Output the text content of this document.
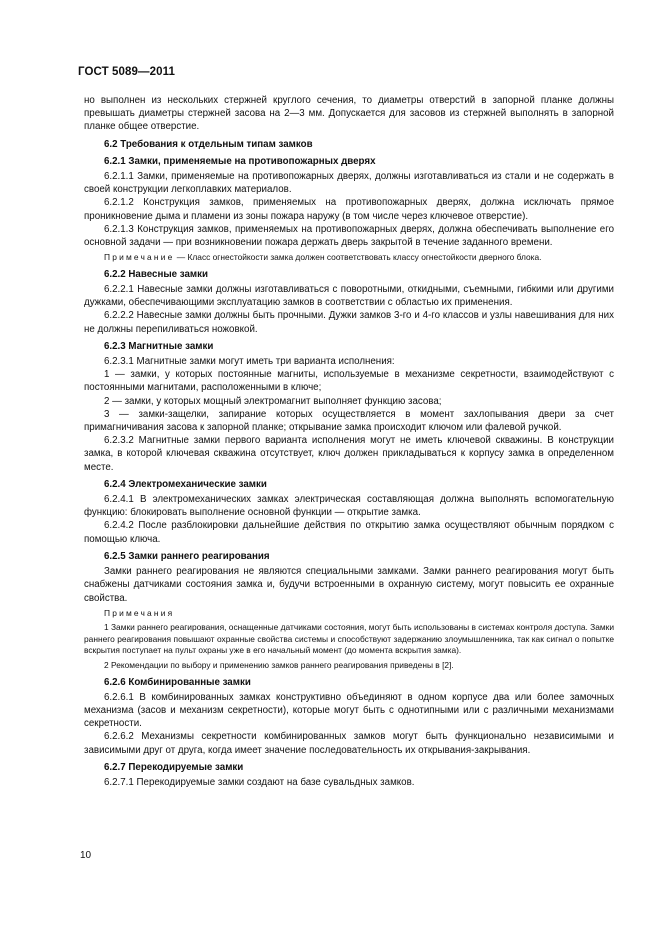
ГОСТ 5089—2011

но выполнен из нескольких стержней круглого сечения, то диаметры отверстий в запорной планке должны превышать диаметры стержней засова на 2—3 мм. Допускается для засовов из стержней выполнять в запорной планке общее отверстие.

6.2 Требования к отдельным типам замков

6.2.1 Замки, применяемые на противопожарных дверях

6.2.1.1 Замки, применяемые на противопожарных дверях, должны изготавливаться из стали и не содержать в своей конструкции легкоплавких материалов.

6.2.1.2 Конструкция замков, применяемых на противопожарных дверях, должна исключать прямое проникновение дыма и пламени из зоны пожара наружу (в том числе через ключевое отверстие).

6.2.1.3 Конструкция замков, применяемых на противопожарных дверях, должна обеспечивать выполнение его основной задачи — при возникновении пожара держать дверь закрытой в течение заданного времени.

Примечание — Класс огнестойкости замка должен соответствовать классу огнестойкости дверного блока.

6.2.2 Навесные замки

6.2.2.1 Навесные замки должны изготавливаться с поворотными, откидными, съемными, гибкими или другими дужками, обеспечивающими эксплуатацию замков в соответствии с областью их применения.

6.2.2.2 Навесные замки должны быть прочными. Дужки замков 3-го и 4-го классов и узлы навешивания для них не должны перепиливаться ножовкой.

6.2.3 Магнитные замки

6.2.3.1 Магнитные замки могут иметь три варианта исполнения:

1 — замки, у которых постоянные магниты, используемые в механизме секретности, взаимодействуют с постоянными магнитами, расположенными в ключе;

2 — замки, у которых мощный электромагнит выполняет функцию засова;

3 — замки-защелки, запирание которых осуществляется в момент захлопывания двери за счет примагничивания засова к запорной планке; открывание замка происходит ключом или фалевой ручкой.

6.2.3.2 Магнитные замки первого варианта исполнения могут не иметь ключевой скважины. В конструкции замка, в которой ключевая скважина отсутствует, ключ должен прикладываться к корпусу замка в определенном месте.

6.2.4 Электромеханические замки

6.2.4.1 В электромеханических замках электрическая составляющая должна выполнять вспомогательную функцию: блокировать выполнение основной функции — открытие замка.

6.2.4.2 После разблокировки дальнейшие действия по открытию замка осуществляют обычным порядком с помощью ключа.

6.2.5 Замки раннего реагирования

Замки раннего реагирования не являются специальными замками. Замки раннего реагирования могут быть снабжены датчиками состояния замка и, будучи встроенными в охранную систему, могут повысить ее охранные свойства.

Примечания

1 Замки раннего реагирования, оснащенные датчиками состояния, могут быть использованы в системах контроля доступа. Замки раннего реагирования повышают охранные свойства системы и способствуют задержанию злоумышленника, так как сигнал о попытке вскрытия поступает на пульт охраны уже в его начальный момент (до момента вскрытия замка).

2 Рекомендации по выбору и применению замков раннего реагирования приведены в [2].

6.2.6 Комбинированные замки

6.2.6.1 В комбинированных замках конструктивно объединяют в одном корпусе два или более замочных механизма (засов и механизм секретности), которые могут быть с однотипными или с различными механизмами секретности.

6.2.6.2 Механизмы секретности комбинированных замков могут быть функционально независимыми и зависимыми друг от друга, когда имеет значение последовательность их открывания-закрывания.

6.2.7 Перекодируемые замки

6.2.7.1 Перекодируемые замки создают на базе сувальдных замков.

10
